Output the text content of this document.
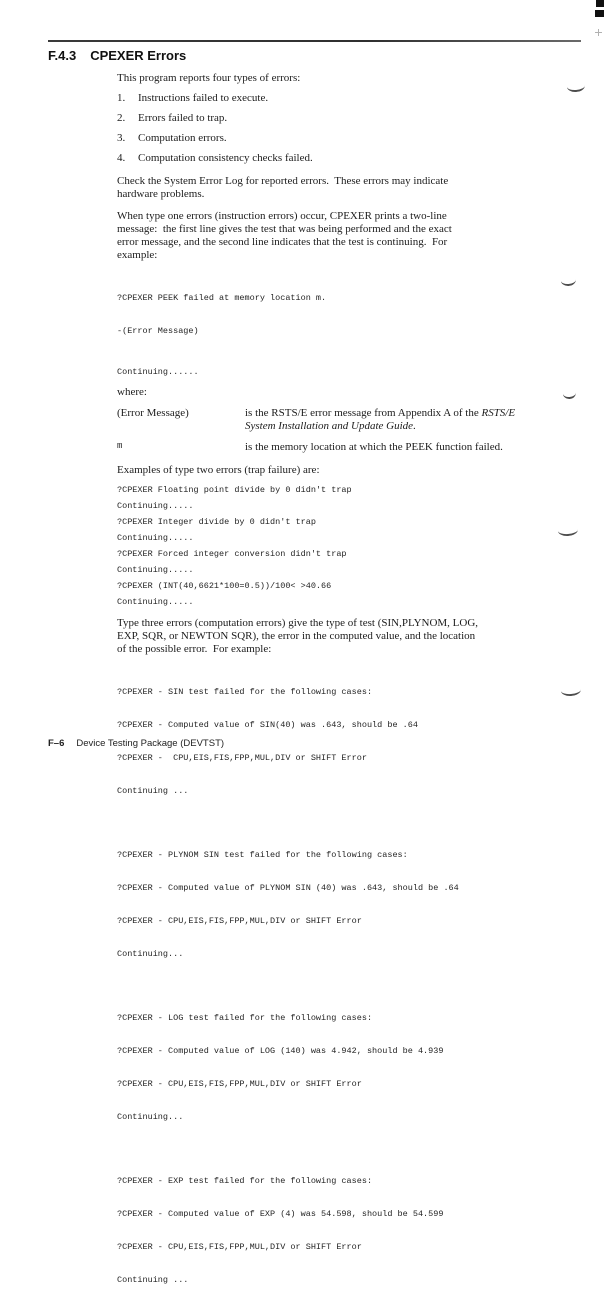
F.4.3 CPEXER Errors

This program reports four types of errors:

1.	Instructions failed to execute.
2.	Errors failed to trap.
3.	Computation errors.
4.	Computation consistency checks failed.
Check the System Error Log for reported errors.  These errors may indicate
hardware problems.
When type one errors (instruction errors) occur, CPEXER prints a two-line
message:  the first line gives the test that was being performed and the exact
error message, and the second line indicates that the test is continuing.  For
example:

?CPEXER PEEK failed at memory location m.

-(Error Message)

Continuing......
where:
(Error Message)	is the RSTS/E error message from Appendix A of the RSTS/E
System Installation and Update Guide.
m	is the memory location at which the PEEK function failed.
Examples of type two errors (trap failure) are:
?CPEXER Floating point divide by 0 didn't trap
Continuing.....
?CPEXER Integer divide by 0 didn't trap
Continuing.....
?CPEXER Forced integer conversion didn't trap
Continuing.....
?CPEXER (INT(40,6621*100=0.5))/100< >40.66
Continuing.....
Type three errors (computation errors) give the type of test (SIN,PLYNOM, LOG,
EXP, SQR, or NEWTON SQR), the error in the computed value, and the location
of the possible error.  For example:

?CPEXER - SIN test failed for the following cases:

?CPEXER - Computed value of SIN(40) was .643, should be .64

?CPEXER -  CPU,EIS,FIS,FPP,MUL,DIV or SHIFT Error

Continuing ...

?CPEXER - PLYNOM SIN test failed for the following cases:

?CPEXER - Computed value of PLYNOM SIN (40) was .643, should be .64

?CPEXER - CPU,EIS,FIS,FPP,MUL,DIV or SHIFT Error

Continuing...

?CPEXER - LOG test failed for the following cases:

?CPEXER - Computed value of LOG (140) was 4.942, should be 4.939

?CPEXER - CPU,EIS,FIS,FPP,MUL,DIV or SHIFT Error

Continuing...

?CPEXER - EXP test failed for the following cases:

?CPEXER - Computed value of EXP (4) was 54.598, should be 54.599

?CPEXER - CPU,EIS,FIS,FPP,MUL,DIV or SHIFT Error

Continuing ...

F–6 Device Testing Package (DEVTST)
